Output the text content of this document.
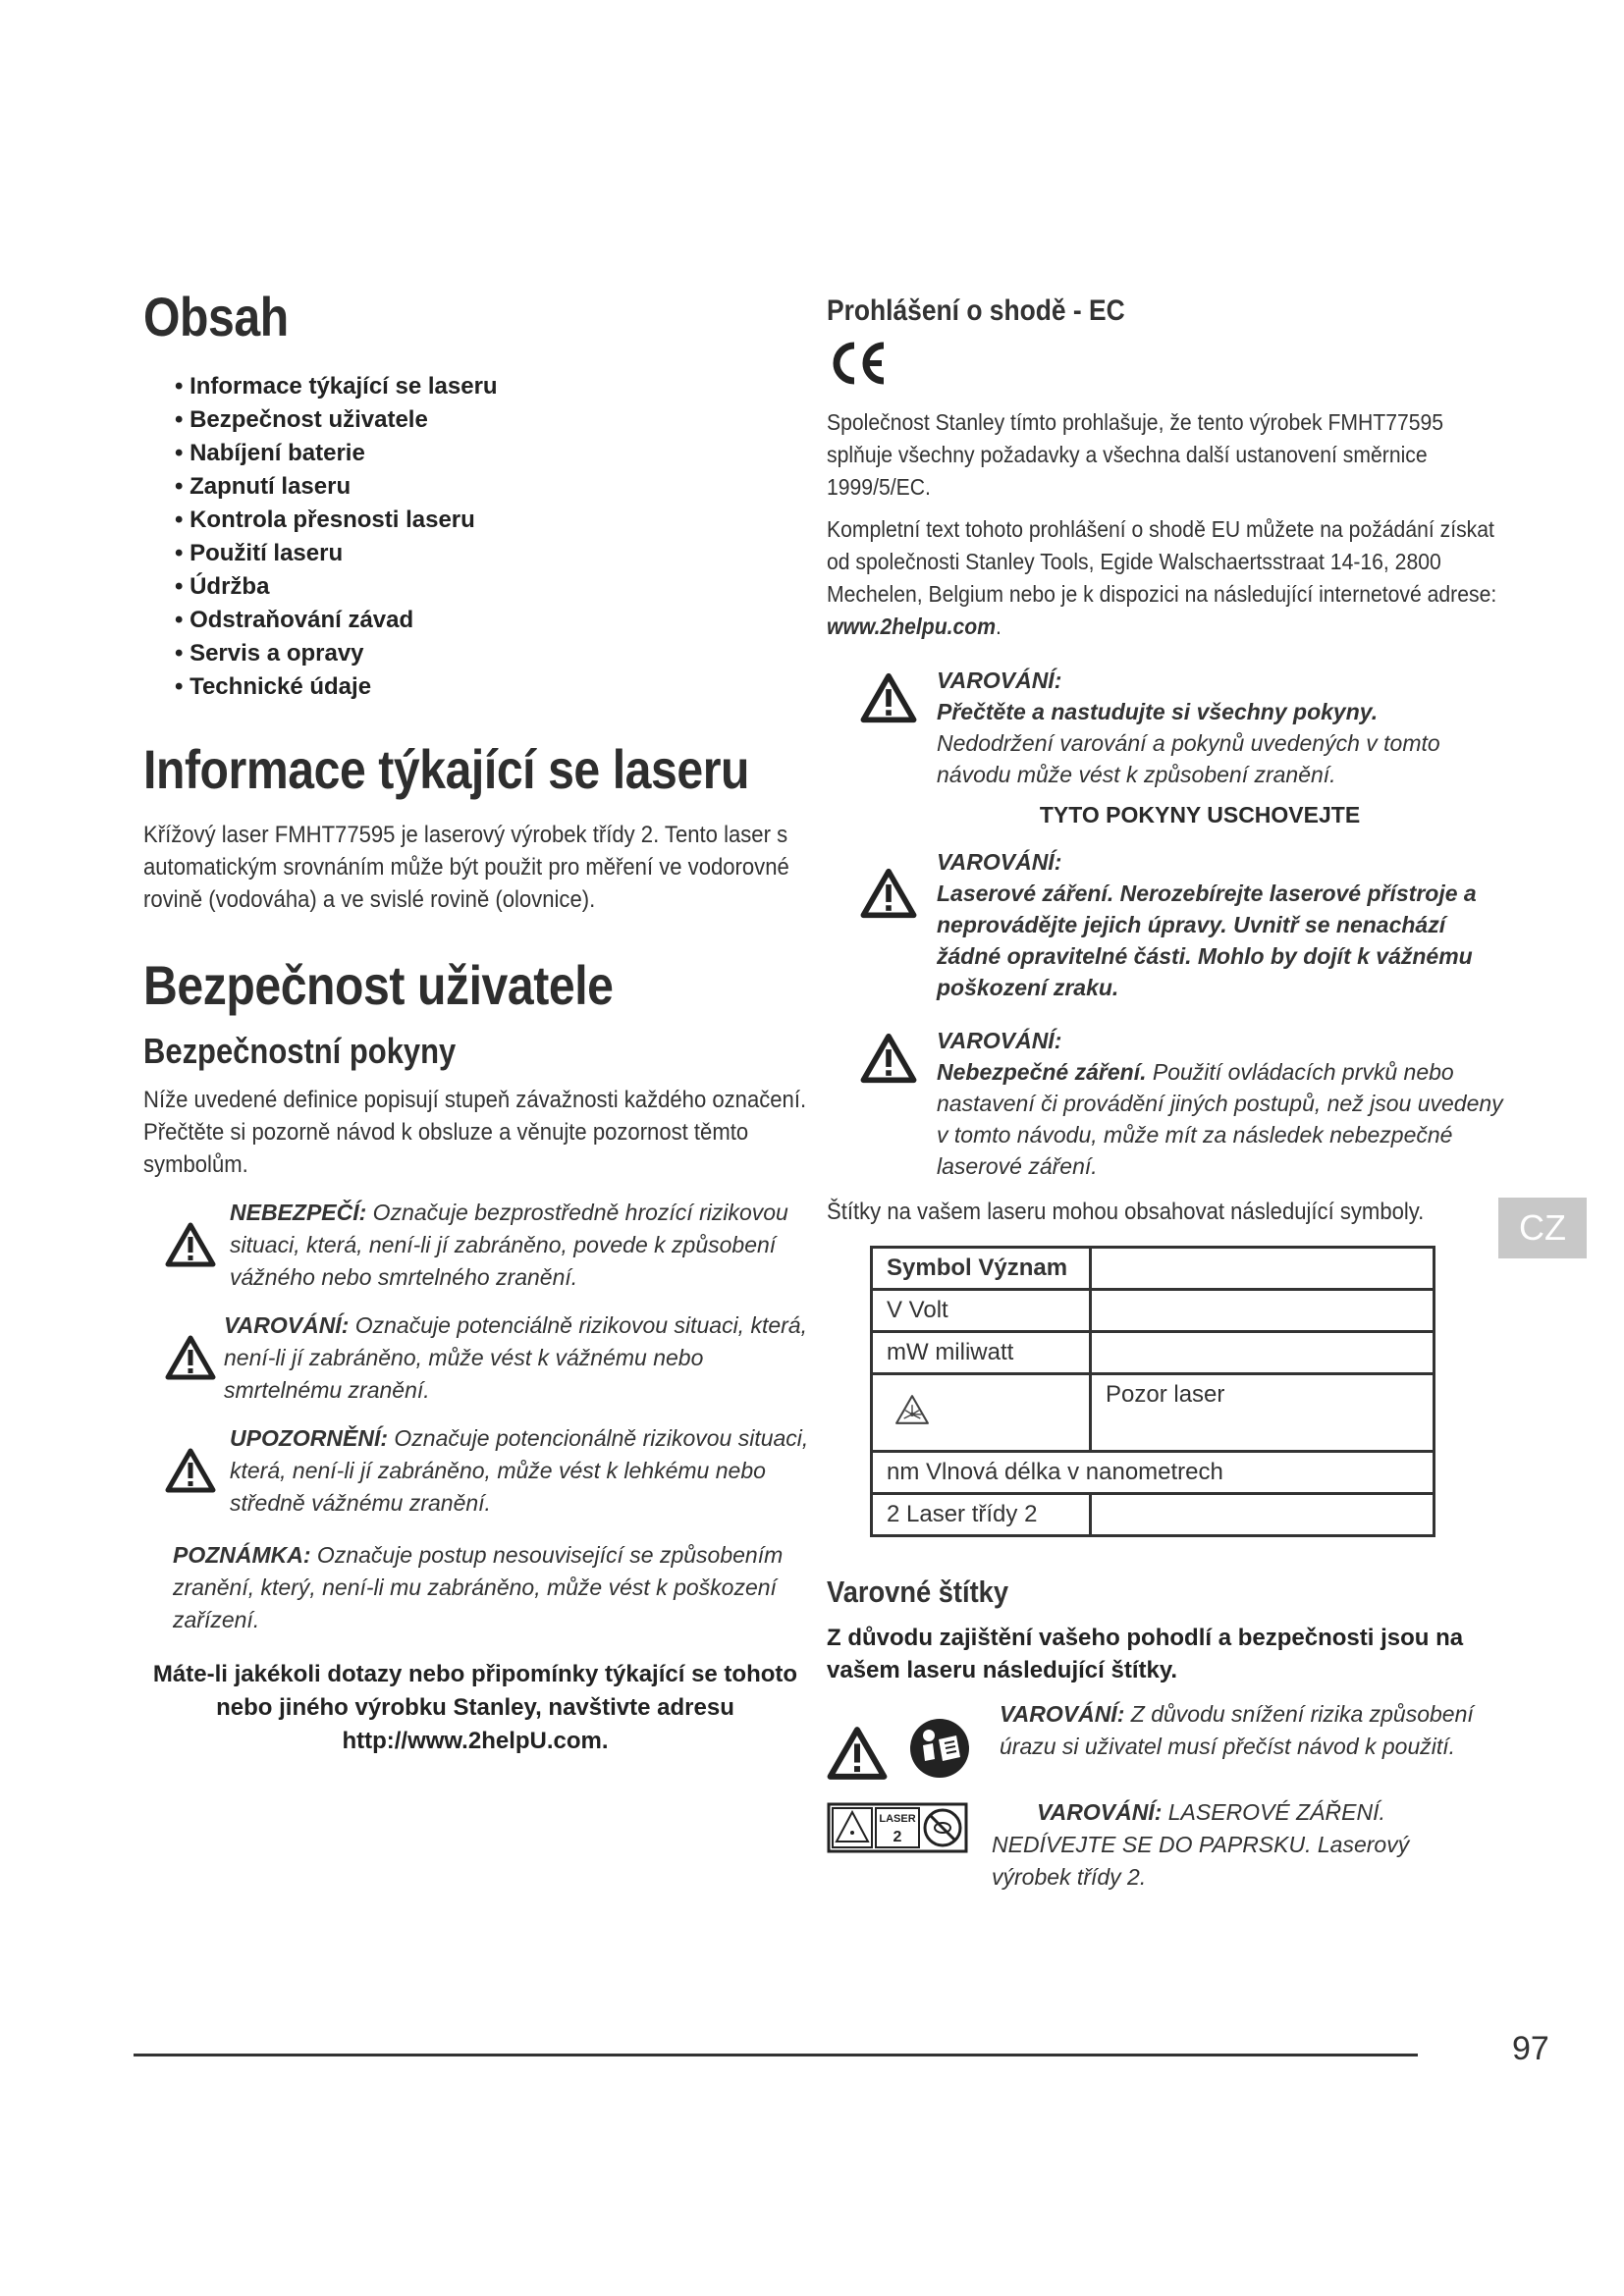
Obsah
• Informace týkající se laseru
• Bezpečnost uživatele
• Nabíjení baterie
• Zapnutí laseru
• Kontrola přesnosti laseru
• Použití laseru
• Údržba
• Odstraňování závad
• Servis a opravy
• Technické údaje
Informace týkající se laseru
Křížový laser FMHT77595 je laserový výrobek třídy 2. Tento laser s automatickým srovnáním může být použit pro měření ve vodorovné rovině (vodováha) a ve svislé rovině (olovnice).
Bezpečnost uživatele
Bezpečnostní pokyny
Níže uvedené definice popisují stupeň závažnosti každého označení. Přečtěte si pozorně návod k obsluze a věnujte pozornost těmto symbolům.
NEBEZPEČÍ: Označuje bezprostředně hrozící rizikovou situaci, která, není-li jí zabráněno, povede k způsobení vážného nebo smrtelného zranění.
VAROVÁNÍ: Označuje potenciálně rizikovou situaci, která, není-li jí zabráněno, může vést k vážnému nebo smrtelnému zranění.
UPOZORNĚNÍ: Označuje potencionálně rizikovou situaci, která, není-li jí zabráněno, může vést k lehkému nebo středně vážnému zranění.
POZNÁMKA: Označuje postup nesouvisející se způsobením zranění, který, není-li mu zabráněno, může vést k poškození zařízení.
Máte-li jakékoli dotazy nebo připomínky týkající se tohoto nebo jiného výrobku Stanley, navštivte adresu http://www.2helpU.com.
Prohlášení o shodě - EC
Společnost Stanley tímto prohlašuje, že tento výrobek FMHT77595 splňuje všechny požadavky a všechna další ustanovení směrnice 1999/5/EC.
Kompletní text tohoto prohlášení o shodě EU můžete na požádání získat od společnosti Stanley Tools, Egide Walschaertsstraat 14-16, 2800 Mechelen, Belgium nebo je k dispozici na následující internetové adrese: www.2helpu.com.
VAROVÁNÍ:
Přečtěte a nastudujte si všechny pokyny.
Nedodržení varování a pokynů uvedených v tomto návodu může vést k způsobení zranění.
TYTO POKYNY USCHOVEJTE
VAROVÁNÍ:
Laserové záření. Nerozebírejte laserové přístroje a neprovádějte jejich úpravy. Uvnitř se nenachází žádné opravitelné části. Mohlo by dojít k vážnému poškození zraku.
VAROVÁNÍ:
Nebezpečné záření. Použití ovládacích prvků nebo nastavení či provádění jiných postupů, než jsou uvedeny v tomto návodu, může mít za následek nebezpečné laserové záření.
Štítky na vašem laseru mohou obsahovat následující symboly.
Symbol Význam	
V Volt	
mW miliwatt	
	Pozor laser
nm Vlnová délka v nanometrech	
2 Laser třídy 2	
Varovné štítky
Z důvodu zajištění vašeho pohodlí a bezpečnosti jsou na vašem laseru následující štítky.
VAROVÁNÍ: Z důvodu snížení rizika způsobení úrazu si uživatel musí přečíst návod k použití.
LASER
2
VAROVÁNÍ: LASEROVÉ ZÁŘENÍ. NEDÍVEJTE SE DO PAPRSKU. Laserový výrobek třídy 2.
CZ
97
